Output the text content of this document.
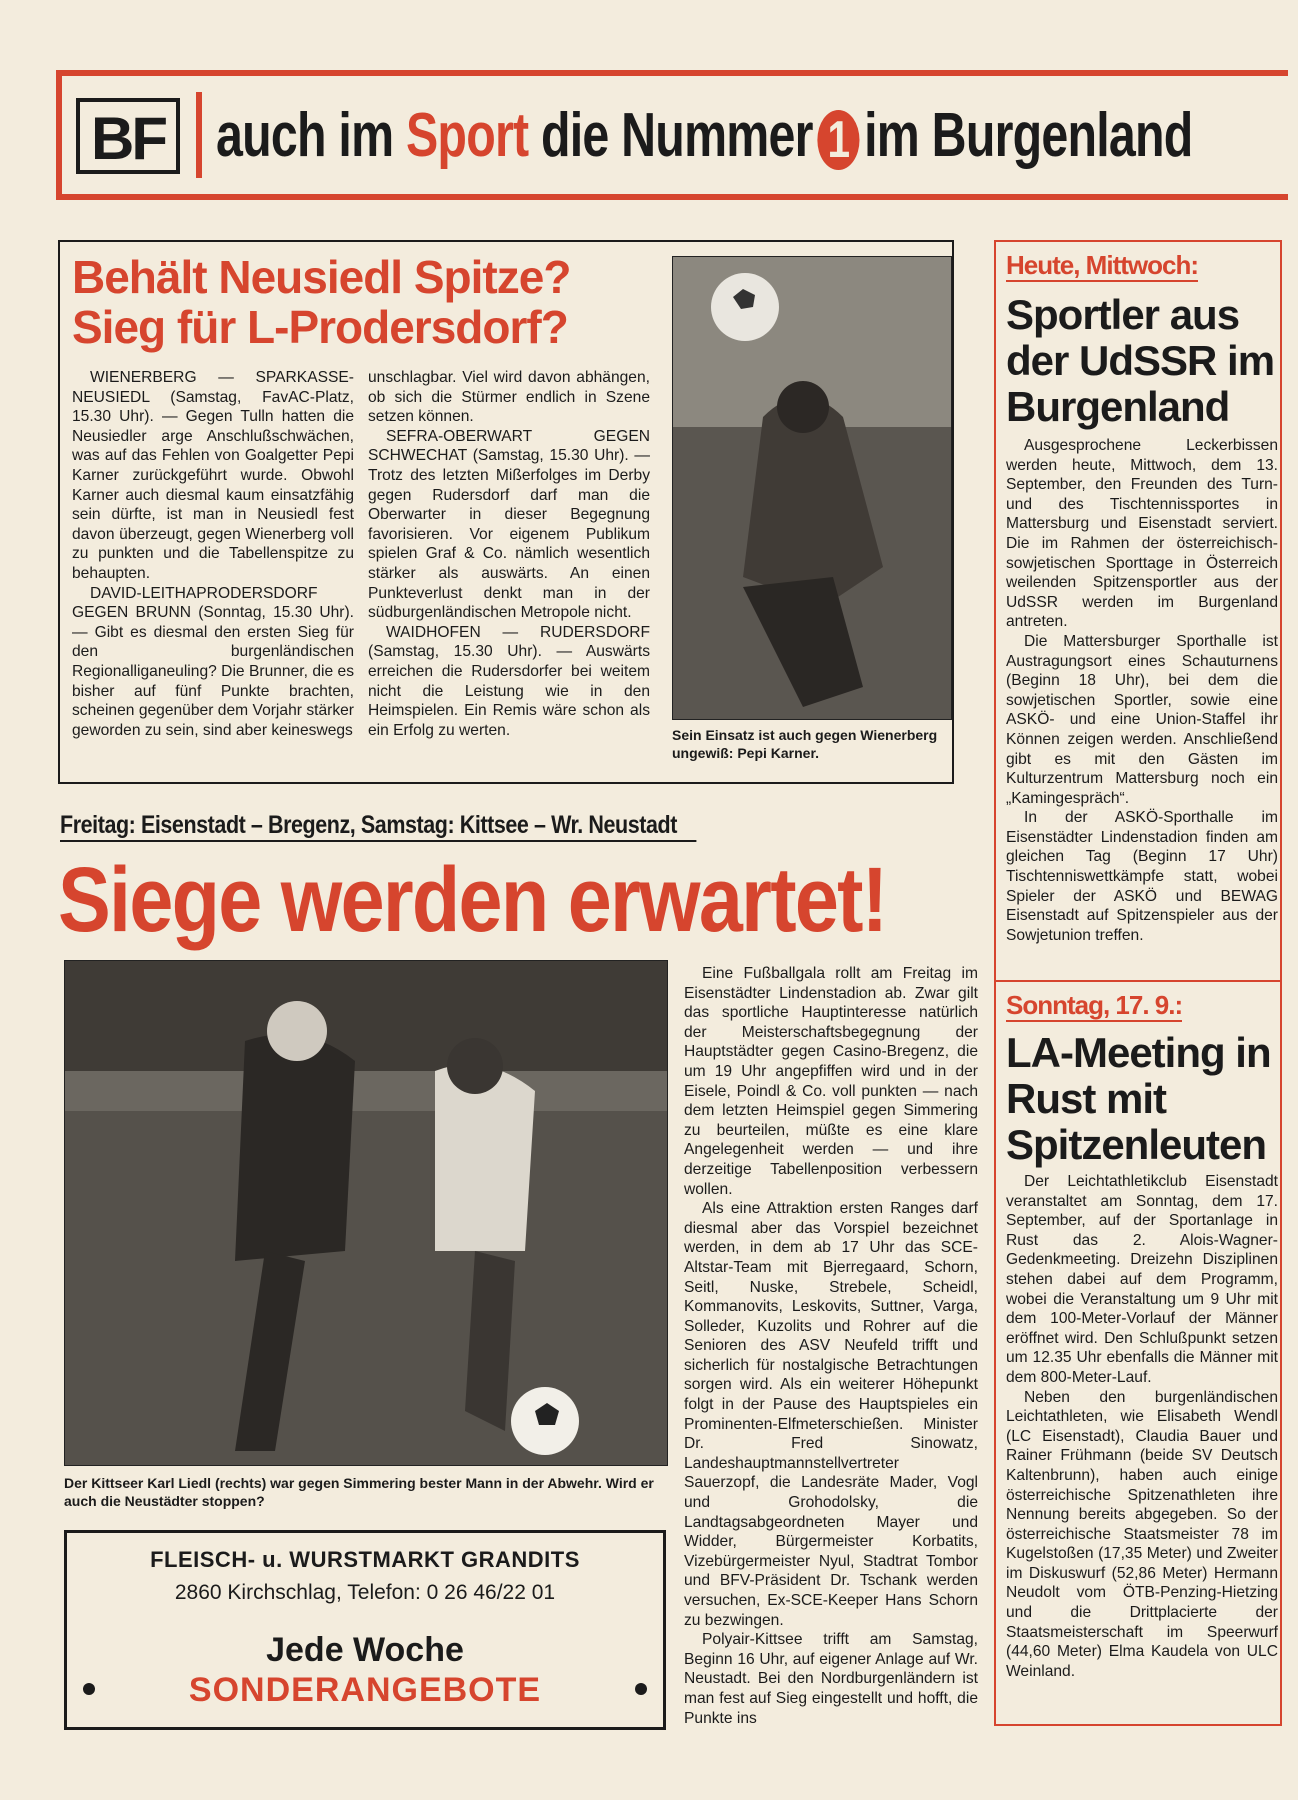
BF auch im Sport die Nummer 1 im Burgenland
Behält Neusiedl Spitze? Sieg für L-Prodersdorf?

WIENERBERG — SPARKASSE-NEUSIEDL (Samstag, FavAC-Platz, 15.30 Uhr). — Gegen Tulln hatten die Neusiedler arge Anschlußschwächen, was auf das Fehlen von Goalgetter Pepi Karner zurückgeführt wurde. Obwohl Karner auch diesmal kaum einsatzfähig sein dürfte, ist man in Neusiedl fest davon überzeugt, gegen Wienerberg voll zu punkten und die Tabellenspitze zu behaupten.

DAVID-LEITHAPRODERSDORF GEGEN BRUNN (Sonntag, 15.30 Uhr). — Gibt es diesmal den ersten Sieg für den burgenländischen Regionalliganeuling? Die Brunner, die es bisher auf fünf Punkte brachten, scheinen gegenüber dem Vorjahr stärker geworden zu sein, sind aber keineswegs

unschlagbar. Viel wird davon abhängen, ob sich die Stürmer endlich in Szene setzen können.

SEFRA-OBERWART GEGEN SCHWECHAT (Samstag, 15.30 Uhr). — Trotz des letzten Mißerfolges im Derby gegen Rudersdorf darf man die Oberwarter in dieser Begegnung favorisieren. Vor eigenem Publikum spielen Graf & Co. nämlich wesentlich stärker als auswärts. An einen Punkteverlust denkt man in der südburgenländischen Metropole nicht.

WAIDHOFEN — RUDERSDORF (Samstag, 15.30 Uhr). — Auswärts erreichen die Rudersdorfer bei weitem nicht die Leistung wie in den Heimspielen. Ein Remis wäre schon als ein Erfolg zu werten.	Sein Einsatz ist auch gegen Wienerberg ungewiß: Pepi Karner.
Freitag: Eisenstadt – Bregenz, Samstag: Kittsee – Wr. Neustadt
Siege werden erwartet!
Der Kittseer Karl Liedl (rechts) war gegen Simmering bester Mann in der Abwehr. Wird er auch die Neustädter stoppen?

Eine Fußballgala rollt am Freitag im Eisenstädter Lindenstadion ab. Zwar gilt das sportliche Hauptinteresse natürlich der Meisterschaftsbegegnung der Hauptstädter gegen Casino-Bregenz, die um 19 Uhr angepfiffen wird und in der Eisele, Poindl & Co. voll punkten — nach dem letzten Heimspiel gegen Simmering zu beurteilen, müßte es eine klare Angelegenheit werden — und ihre derzeitige Tabellenposition verbessern wollen.

Als eine Attraktion ersten Ranges darf diesmal aber das Vorspiel bezeichnet werden, in dem ab 17 Uhr das SCE-Altstar-Team mit Bjerregaard, Schorn, Seitl, Nuske, Strebele, Scheidl, Kommanovits, Leskovits, Suttner, Varga, Solleder, Kuzolits und Rohrer auf die Senioren des ASV Neufeld trifft und sicherlich für nostalgische Betrachtungen sorgen wird. Als ein weiterer Höhepunkt folgt in der Pause des Hauptspieles ein Prominenten-Elfmeterschießen. Minister Dr. Fred Sinowatz, Landeshauptmannstellvertreter Sauerzopf, die Landesräte Mader, Vogl und Grohodolsky, die Landtagsabgeordneten Mayer und Widder, Bürgermeister Korbatits, Vizebürgermeister Nyul, Stadtrat Tombor und BFV-Präsident Dr. Tschank werden versuchen, Ex-SCE-Keeper Hans Schorn zu bezwingen.

Polyair-Kittsee trifft am Samstag, Beginn 16 Uhr, auf eigener Anlage auf Wr. Neustadt. Bei den Nordburgenländern ist man fest auf Sieg eingestellt und hofft, die Punkte ins

FLEISCH- u. WURSTMARKT GRANDITS
2860 Kirchschlag, Telefon: 0 26 46/22 01
Jede Woche
SONDERANGEBOTE
Heute, Mittwoch:
Sportler aus der UdSSR im Burgenland

Ausgesprochene Leckerbissen werden heute, Mittwoch, dem 13. September, den Freunden des Turn- und des Tischtennissportes in Mattersburg und Eisenstadt serviert. Die im Rahmen der österreichisch-sowjetischen Sporttage in Österreich weilenden Spitzensportler aus der UdSSR werden im Burgenland antreten.

Die Mattersburger Sporthalle ist Austragungsort eines Schauturnens (Beginn 18 Uhr), bei dem die sowjetischen Sportler, sowie eine ASKÖ- und eine Union-Staffel ihr Können zeigen werden. Anschließend gibt es mit den Gästen im Kulturzentrum Mattersburg noch ein „Kamingespräch“.

In der ASKÖ-Sporthalle im Eisenstädter Lindenstadion finden am gleichen Tag (Beginn 17 Uhr) Tischtenniswettkämpfe statt, wobei Spieler der ASKÖ und BEWAG Eisenstadt auf Spitzenspieler aus der Sowjetunion treffen.

Sonntag, 17. 9.:
LA-Meeting in Rust mit Spitzenleuten

Der Leichtathletikclub Eisenstadt veranstaltet am Sonntag, dem 17. September, auf der Sportanlage in Rust das 2. Alois-Wagner-Gedenkmeeting. Dreizehn Disziplinen stehen dabei auf dem Programm, wobei die Veranstaltung um 9 Uhr mit dem 100-Meter-Vorlauf der Männer eröffnet wird. Den Schlußpunkt setzen um 12.35 Uhr ebenfalls die Männer mit dem 800-Meter-Lauf.

Neben den burgenländischen Leichtathleten, wie Elisabeth Wendl (LC Eisenstadt), Claudia Bauer und Rainer Frühmann (beide SV Deutsch Kaltenbrunn), haben auch einige österreichische Spitzenathleten ihre Nennung bereits abgegeben. So der österreichische Staatsmeister 78 im Kugelstoßen (17,35 Meter) und Zweiter im Diskuswurf (52,86 Meter) Hermann Neudolt vom ÖTB-Penzing-Hietzing und die Drittplacierte der Staatsmeisterschaft im Speerwurf (44,60 Meter) Elma Kaudela von ULC Weinland.
